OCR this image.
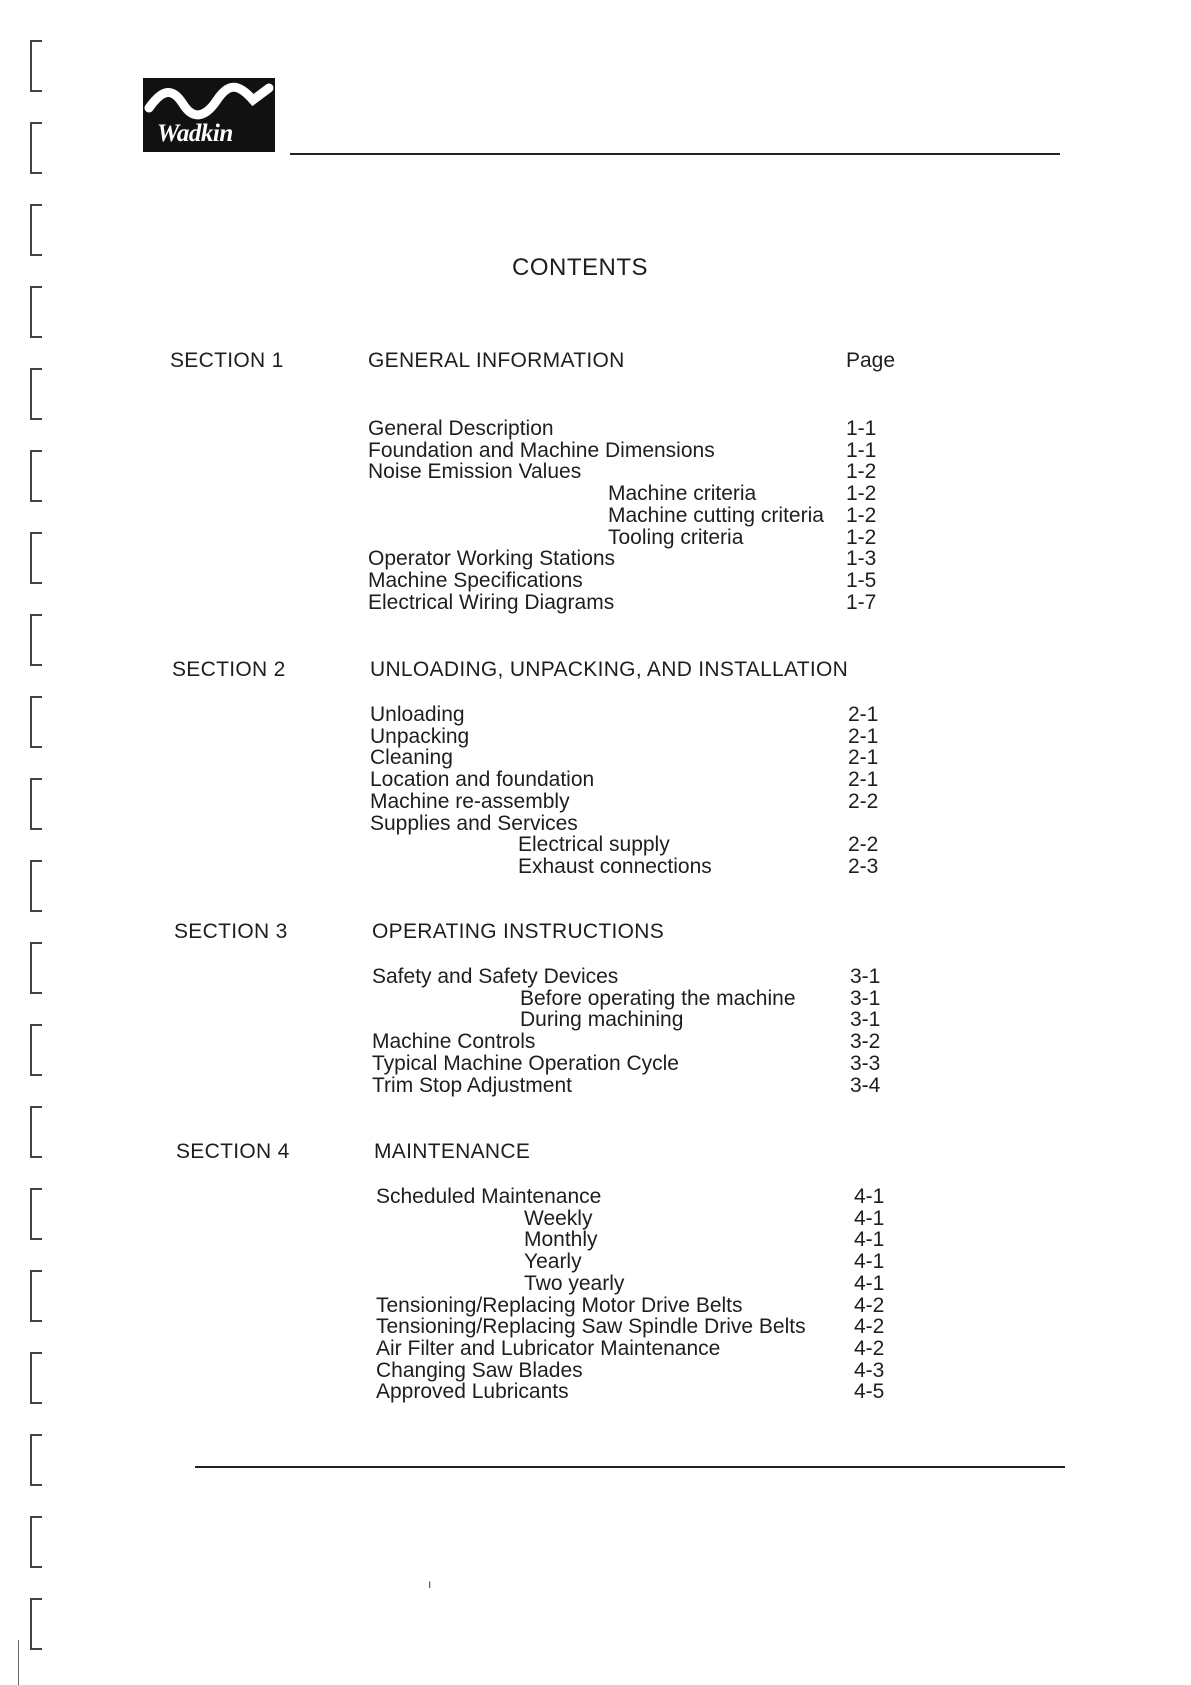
Wadkin
CONTENTS
SECTION 1	GENERAL INFORMATION	Page
General Description	1-1
Foundation and Machine Dimensions	1-1
Noise Emission Values	1-2
Machine criteria	1-2
Machine cutting criteria 1-2
Tooling criteria	1-2
Operator Working Stations	1-3
Machine Specifications	1-5
Electrical Wiring Diagrams	1-7
SECTION 2	UNLOADING, UNPACKING, AND INSTALLATION
Unloading	2-1
Unpacking	2-1
Cleaning	2-1
Location and foundation	2-1
Machine re-assembly	2-2
Supplies and Services
Electrical supply	2-2
Exhaust connections	2-3
SECTION 3	OPERATING INSTRUCTIONS
Safety and Safety Devices	3-1
Before operating the machine	3-1
During machining	3-1
Machine Controls	3-2
Typical Machine Operation Cycle	3-3
Trim Stop Adjustment	3-4
SECTION 4	MAINTENANCE
Scheduled Maintenance	4-1
Weekly	4-1
Monthly	4-1
Yearly	4-1
Two yearly	4-1
Tensioning/Replacing Motor Drive Belts	4-2
Tensioning/Replacing Saw Spindle Drive Belts 4-2
Air Filter and Lubricator Maintenance	4-2
Changing Saw Blades	4-3
Approved Lubricants	4-5
ı
